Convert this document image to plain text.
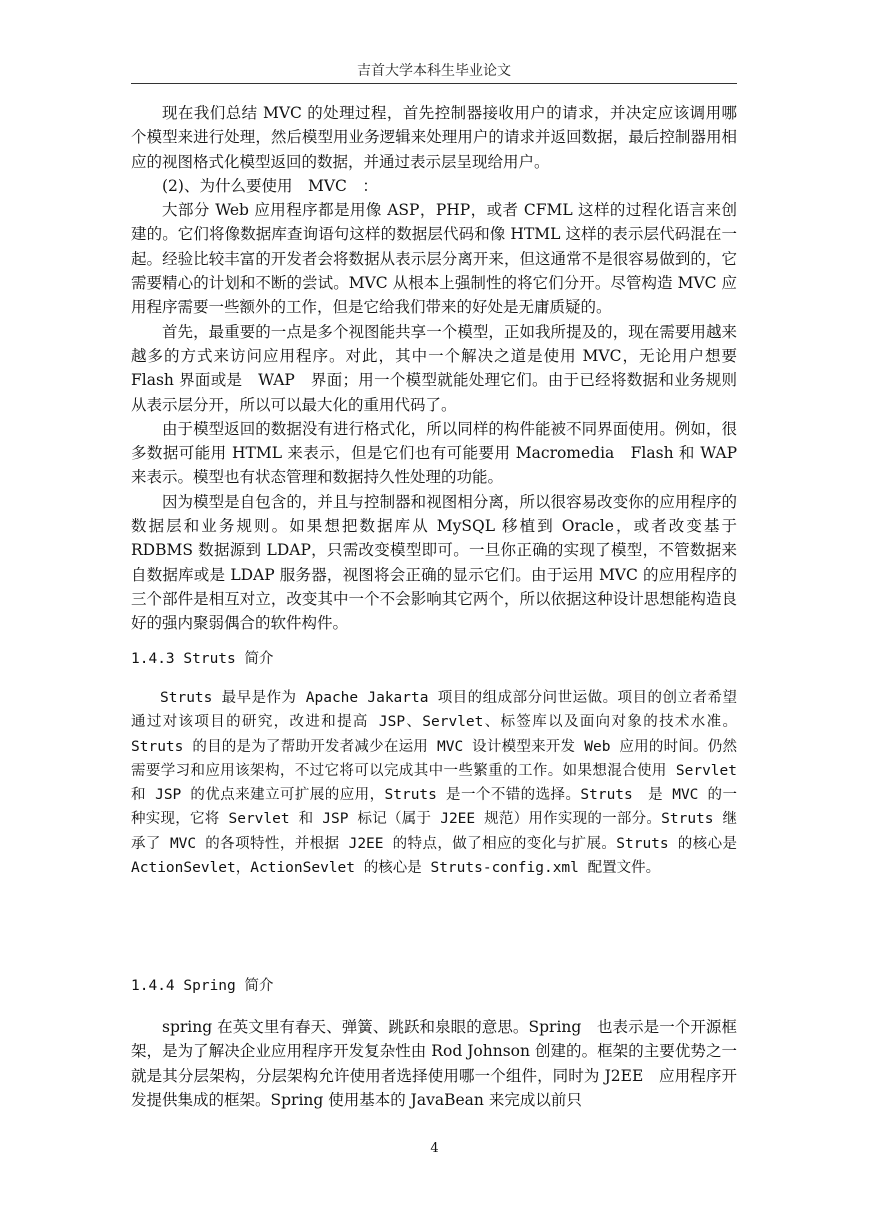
吉首大学本科生毕业论文

现在我们总结 MVC 的处理过程，首先控制器接收用户的请求，并决定应该调用哪个模型来进行处理，然后模型用业务逻辑来处理用户的请求并返回数据，最后控制器用相应的视图格式化模型返回的数据，并通过表示层呈现给用户。

(2)、为什么要使用　MVC　：

大部分 Web 应用程序都是用像 ASP，PHP，或者 CFML 这样的过程化语言来创建的。它们将像数据库查询语句这样的数据层代码和像 HTML 这样的表示层代码混在一起。经验比较丰富的开发者会将数据从表示层分离开来，但这通常不是很容易做到的，它需要精心的计划和不断的尝试。MVC 从根本上强制性的将它们分开。尽管构造 MVC 应用程序需要一些额外的工作，但是它给我们带来的好处是无庸质疑的。

首先，最重要的一点是多个视图能共享一个模型，正如我所提及的，现在需要用越来越多的方式来访问应用程序。对此，其中一个解决之道是使用 MVC，无论用户想要 Flash 界面或是　WAP　界面；用一个模型就能处理它们。由于已经将数据和业务规则从表示层分开，所以可以最大化的重用代码了。

由于模型返回的数据没有进行格式化，所以同样的构件能被不同界面使用。例如，很多数据可能用 HTML 来表示，但是它们也有可能要用 Macromedia　Flash 和 WAP 来表示。模型也有状态管理和数据持久性处理的功能。

因为模型是自包含的，并且与控制器和视图相分离，所以很容易改变你的应用程序的数据层和业务规则。如果想把数据库从 MySQL 移植到 Oracle，或者改变基于 RDBMS 数据源到 LDAP，只需改变模型即可。一旦你正确的实现了模型，不管数据来自数据库或是 LDAP 服务器，视图将会正确的显示它们。由于运用 MVC 的应用程序的三个部件是相互对立，改变其中一个不会影响其它两个，所以依据这种设计思想能构造良好的强内聚弱偶合的软件构件。

1.4.3 Struts 简介

Struts 最早是作为 Apache Jakarta 项目的组成部分问世运做。项目的创立者希望通过对该项目的研究，改进和提高 JSP、Servlet、标签库以及面向对象的技术水准。Struts 的目的是为了帮助开发者减少在运用 MVC 设计模型来开发 Web 应用的时间。仍然需要学习和应用该架构，不过它将可以完成其中一些繁重的工作。如果想混合使用 Servlet 和 JSP 的优点来建立可扩展的应用，Struts 是一个不错的选择。Struts　是 MVC 的一种实现，它将 Servlet 和 JSP 标记（属于 J2EE 规范）用作实现的一部分。Struts 继承了 MVC 的各项特性，并根据 J2EE 的特点，做了相应的变化与扩展。Struts 的核心是 ActionSevlet，ActionSevlet 的核心是 Struts-config.xml 配置文件。

1.4.4 Spring 简介

spring 在英文里有春天、弹簧、跳跃和泉眼的意思。Spring　也表示是一个开源框架，是为了解决企业应用程序开发复杂性由 Rod Johnson 创建的。框架的主要优势之一就是其分层架构，分层架构允许使用者选择使用哪一个组件，同时为 J2EE　应用程序开发提供集成的框架。Spring 使用基本的 JavaBean 来完成以前只

4
